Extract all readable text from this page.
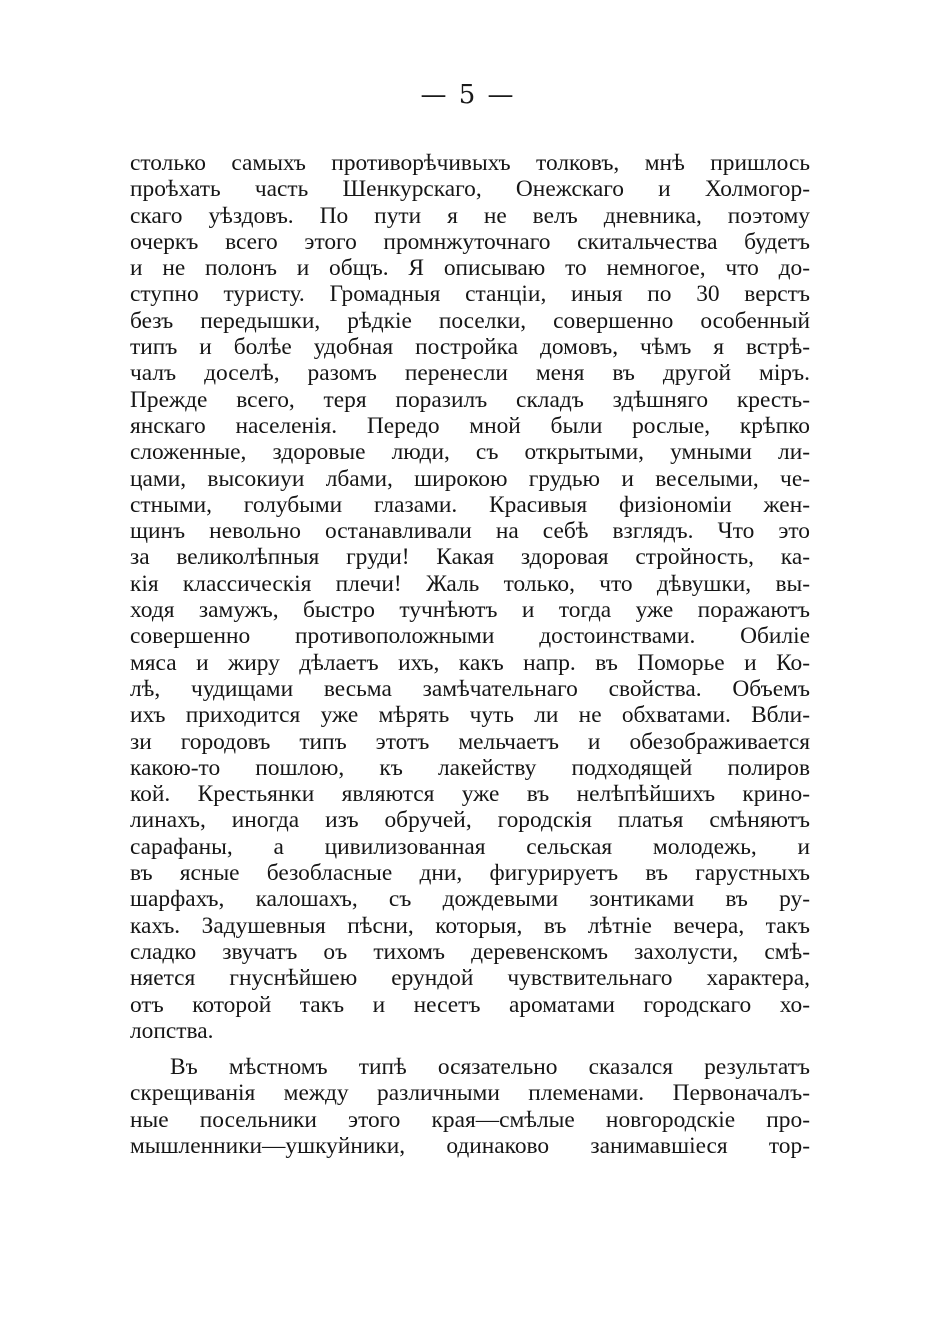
— 5 —
столько самыхъ противорѣчивыхъ толковъ, мнѣ пришлось
проѣхать часть Шенкурскаго, Онежскаго и Холмогор-
скаго уѣздовъ. По пути я не велъ дневника, поэтому
очеркъ всего этого промнжуточнаго скитальчества будетъ
и не полонъ и общъ. Я описываю то немногое, что до-
ступно туристу. Громадныя станціи, иныя по 30 верстъ
безъ передышки, рѣдкіе поселки, совершенно особенный
типъ и болѣе удобная постройка домовъ, чѣмъ я встрѣ-
чалъ доселѣ, разомъ перенесли меня въ другой міръ.
Прежде всего, теря поразилъ складъ здѣшняго кресть-
янскаго населенія. Передо мной были рослые, крѣпко
сложенные, здоровые люди, съ открытыми, умными ли-
цами, высокиуи лбами, широкою грудью и веселыми, че-
стными, голубыми глазами. Красивыя физіономіи жен-
щинъ невольно останавливали на себѣ взглядъ. Что это
за великолѣпныя груди! Какая здоровая стройность, ка-
кія классическія плечи! Жаль только, что дѣвушки, вы-
ходя замужъ, быстро тучнѣютъ и тогда уже поражаютъ
совершенно противоположными достоинствами. Обиліе
мяса и жиру дѣлаетъ ихъ, какъ напр. въ Поморье и Ко-
лѣ, чудищами весьма замѣчательнаго свойства. Объемъ
ихъ приходится уже мѣрять чуть ли не обхватами. Вбли-
зи городовъ типъ этотъ мельчаетъ и обезображивается
какою-то пошлою, къ лакейству подходящей полиров
кой. Крестьянки являются уже въ нелѣпѣйшихъ крино-
линахъ, иногда изъ обручей, городскія платья смѣняютъ
сарафаны, а цивилизованная сельская молодежь, и
въ ясные безобласные дни, фигурируетъ въ гарустныхъ
шарфахъ, калошахъ, съ дождевыми зонтиками въ ру-
кахъ. Задушевныя пѣсни, которыя, въ лѣтніе вечера, такъ
сладко звучатъ оъ тихомъ деревенскомъ захолусти, смѣ-
няется гнуснѣйшею ерундой чувствительнаго характера,
отъ которой такъ и несетъ ароматами городскаго хо-
лопства.
Въ мѣстномъ типѣ осязательно сказался результатъ
скрещиванія между различными племенами. Первоначалъ-
ные посельники этого края—смѣлые новгородскіе про-
мышленники—ушкуйники, одинаково занимавшіеся тор-
